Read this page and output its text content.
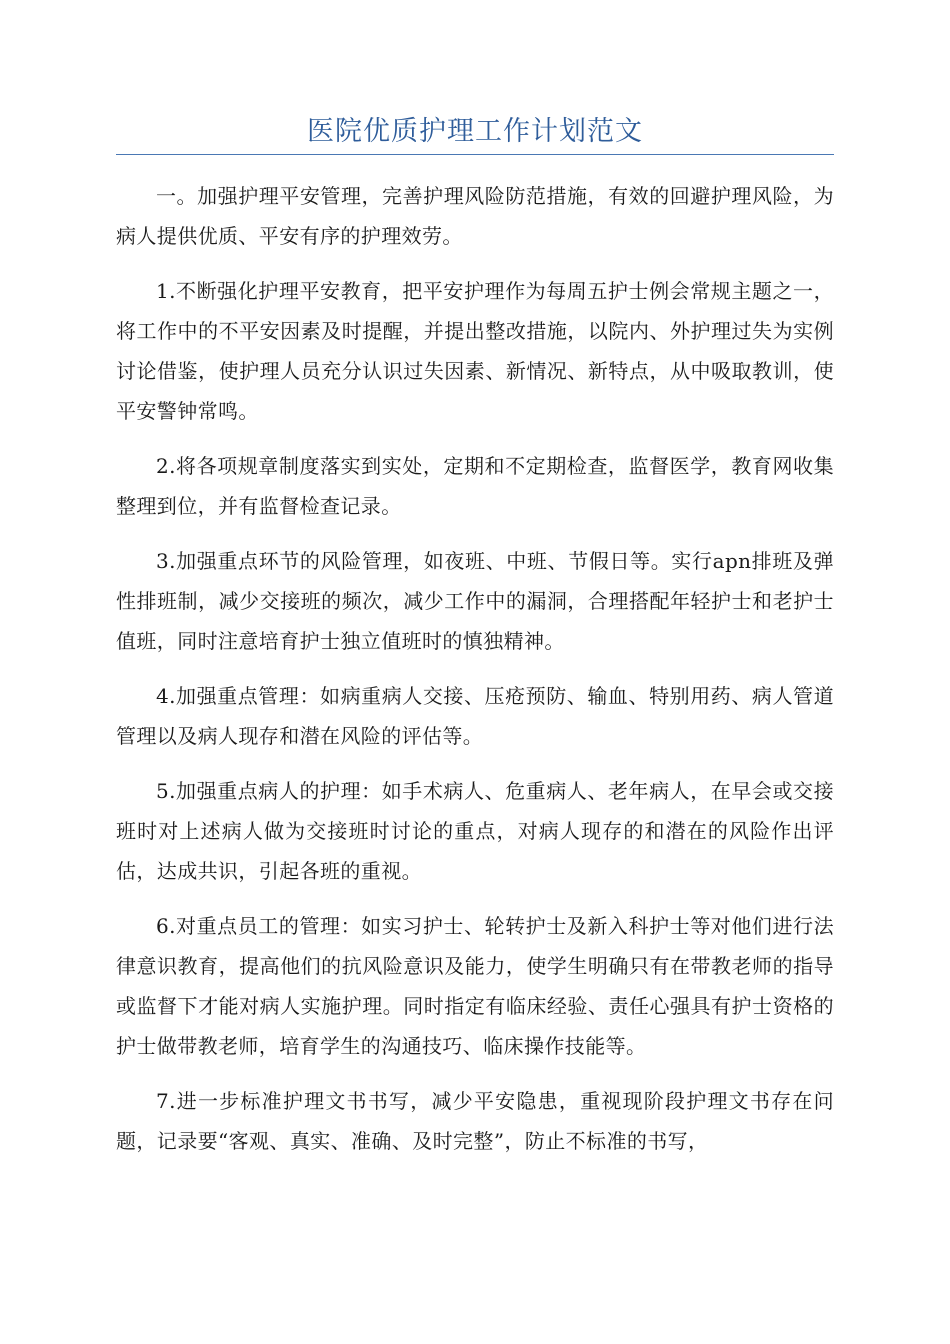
医院优质护理工作计划范文

一。加强护理平安管理，完善护理风险防范措施，有效的回避护理风险，为病人提供优质、平安有序的护理效劳。

1.不断强化护理平安教育，把平安护理作为每周五护士例会常规主题之一，将工作中的不平安因素及时提醒，并提出整改措施，以院内、外护理过失为实例讨论借鉴，使护理人员充分认识过失因素、新情况、新特点，从中吸取教训，使平安警钟常鸣。

2.将各项规章制度落实到实处，定期和不定期检查，监督医学，教育网收集整理到位，并有监督检查记录。

3.加强重点环节的风险管理，如夜班、中班、节假日等。实行apn排班及弹性排班制，减少交接班的频次，减少工作中的漏洞，合理搭配年轻护士和老护士值班，同时注意培育护士独立值班时的慎独精神。

4.加强重点管理：如病重病人交接、压疮预防、输血、特别用药、病人管道管理以及病人现存和潜在风险的评估等。

5.加强重点病人的护理：如手术病人、危重病人、老年病人，在早会或交接班时对上述病人做为交接班时讨论的重点，对病人现存的和潜在的风险作出评估，达成共识，引起各班的重视。

6.对重点员工的管理：如实习护士、轮转护士及新入科护士等对他们进行法律意识教育，提高他们的抗风险意识及能力，使学生明确只有在带教老师的指导或监督下才能对病人实施护理。同时指定有临床经验、责任心强具有护士资格的护士做带教老师，培育学生的沟通技巧、临床操作技能等。

7.进一步标准护理文书书写，减少平安隐患，重视现阶段护理文书存在问题，记录要“客观、真实、准确、及时完整”，防止不标准的书写，
